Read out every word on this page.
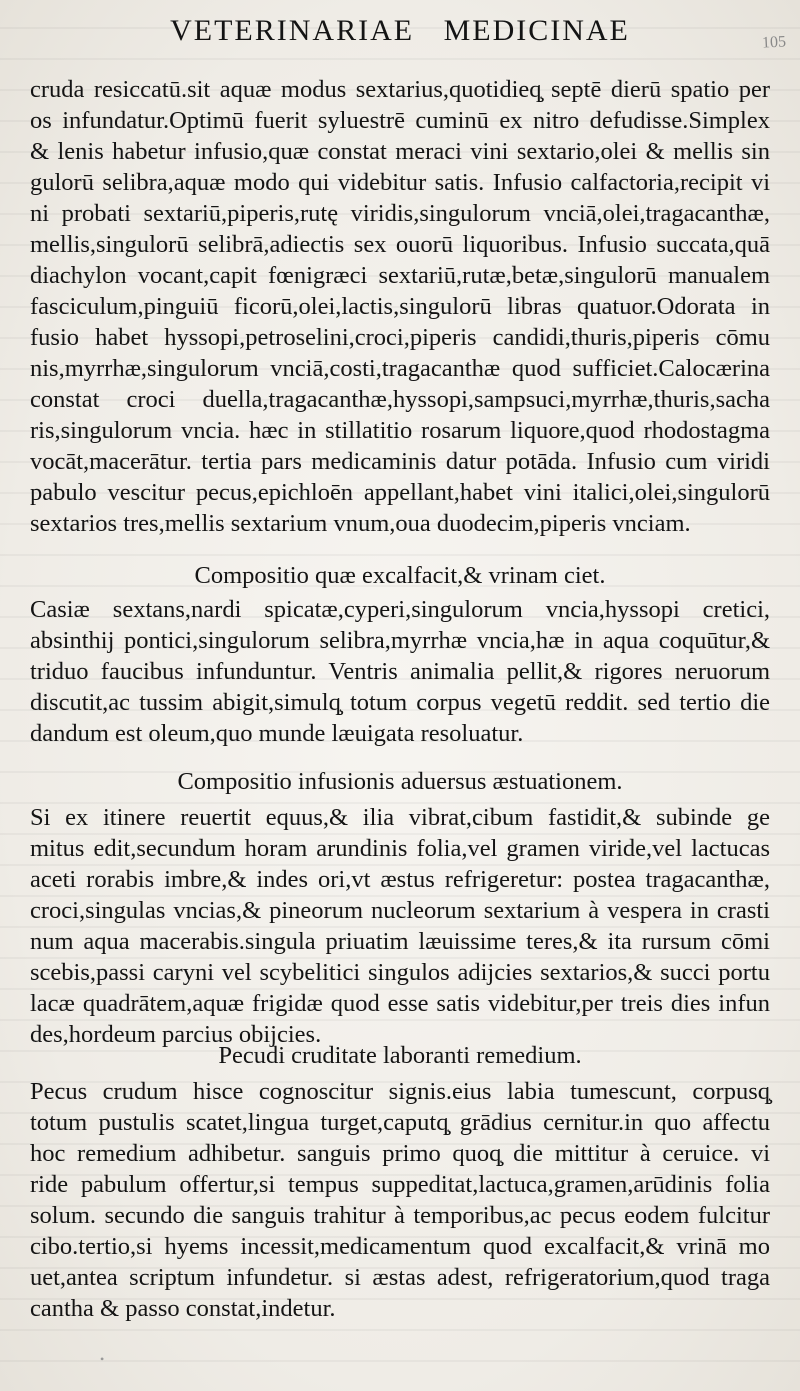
105
VETERINARIAE MEDICINAE
cruda resiccatū.sit aquæ modus sextarius,quotidieq̧ septē dierū spatio per
os infundatur.Optimū fuerit syluestrē cuminū ex nitro defudisse.Simplex
& lenis habetur infusio,quæ constat meraci vini sextario,olei & mellis sin
gulorū selibra,aquæ modo qui videbitur satis. Infusio calfactoria,recipit vi
ni probati sextariū,piperis,rutę viridis,singulorum vnciā,olei,tragacanthæ,
mellis,singulorū selibrā,adiectis sex ouorū liquoribus. Infusio succata,quā
diachylon vocant,capit fœnigræci sextariū,rutæ,betæ,singulorū manualem
fasciculum,pinguiū ficorū,olei,lactis,singulorū libras quatuor.Odorata in
fusio habet hyssopi,petroselini,croci,piperis candidi,thuris,piperis cōmu
nis,myrrhæ,singulorum vnciā,costi,tragacanthæ quod sufficiet.Calocærina
constat croci duella,tragacanthæ,hyssopi,sampsuci,myrrhæ,thuris,sacha
ris,singulorum vncia. hæc in stillatitio rosarum liquore,quod rhodostagma
vocāt,macerātur. tertia pars medicaminis datur potāda. Infusio cum viridi
pabulo vescitur pecus,epichloēn appellant,habet vini italici,olei,singulorū
sextarios tres,mellis sextarium vnum,oua duodecim,piperis vnciam.
Compositio quæ excalfacit,& vrinam ciet.
Casiæ sextans,nardi spicatæ,cyperi,singulorum vncia,hyssopi cretici,
absinthij pontici,singulorum selibra,myrrhæ vncia,hæ in aqua coquūtur,&
triduo faucibus infunduntur. Ventris animalia pellit,& rigores neruorum
discutit,ac tussim abigit,simulq̧ totum corpus vegetū reddit. sed tertio die
dandum est oleum,quo munde læuigata resoluatur.
Compositio infusionis aduersus æstuationem.
Si ex itinere reuertit equus,& ilia vibrat,cibum fastidit,& subinde ge
mitus edit,secundum horam arundinis folia,vel gramen viride,vel lactucas
aceti rorabis imbre,& indes ori,vt æstus refrigeretur: postea tragacanthæ,
croci,singulas vncias,& pineorum nucleorum sextarium à vespera in crasti
num aqua macerabis.singula priuatim læuissime teres,& ita rursum cōmi
scebis,passi caryni vel scybelitici singulos adijcies sextarios,& succi portu
lacæ quadrātem,aquæ frigidæ quod esse satis videbitur,per treis dies infun
des,hordeum parcius obijcies.
Pecudi cruditate laboranti remedium.
Pecus crudum hisce cognoscitur signis.eius labia tumescunt, corpusq̧
totum pustulis scatet,lingua turget,caputq̧ grādius cernitur.in quo affectu
hoc remedium adhibetur. sanguis primo quoq̧ die mittitur à ceruice. vi
ride pabulum offertur,si tempus suppeditat,lactuca,gramen,arūdinis folia
solum. secundo die sanguis trahitur à temporibus,ac pecus eodem fulcitur
cibo.tertio,si hyems incessit,medicamentum quod excalfacit,& vrinā mo
uet,antea scriptum infundetur. si æstas adest, refrigeratorium,quod traga
cantha & passo constat,indetur.
•
